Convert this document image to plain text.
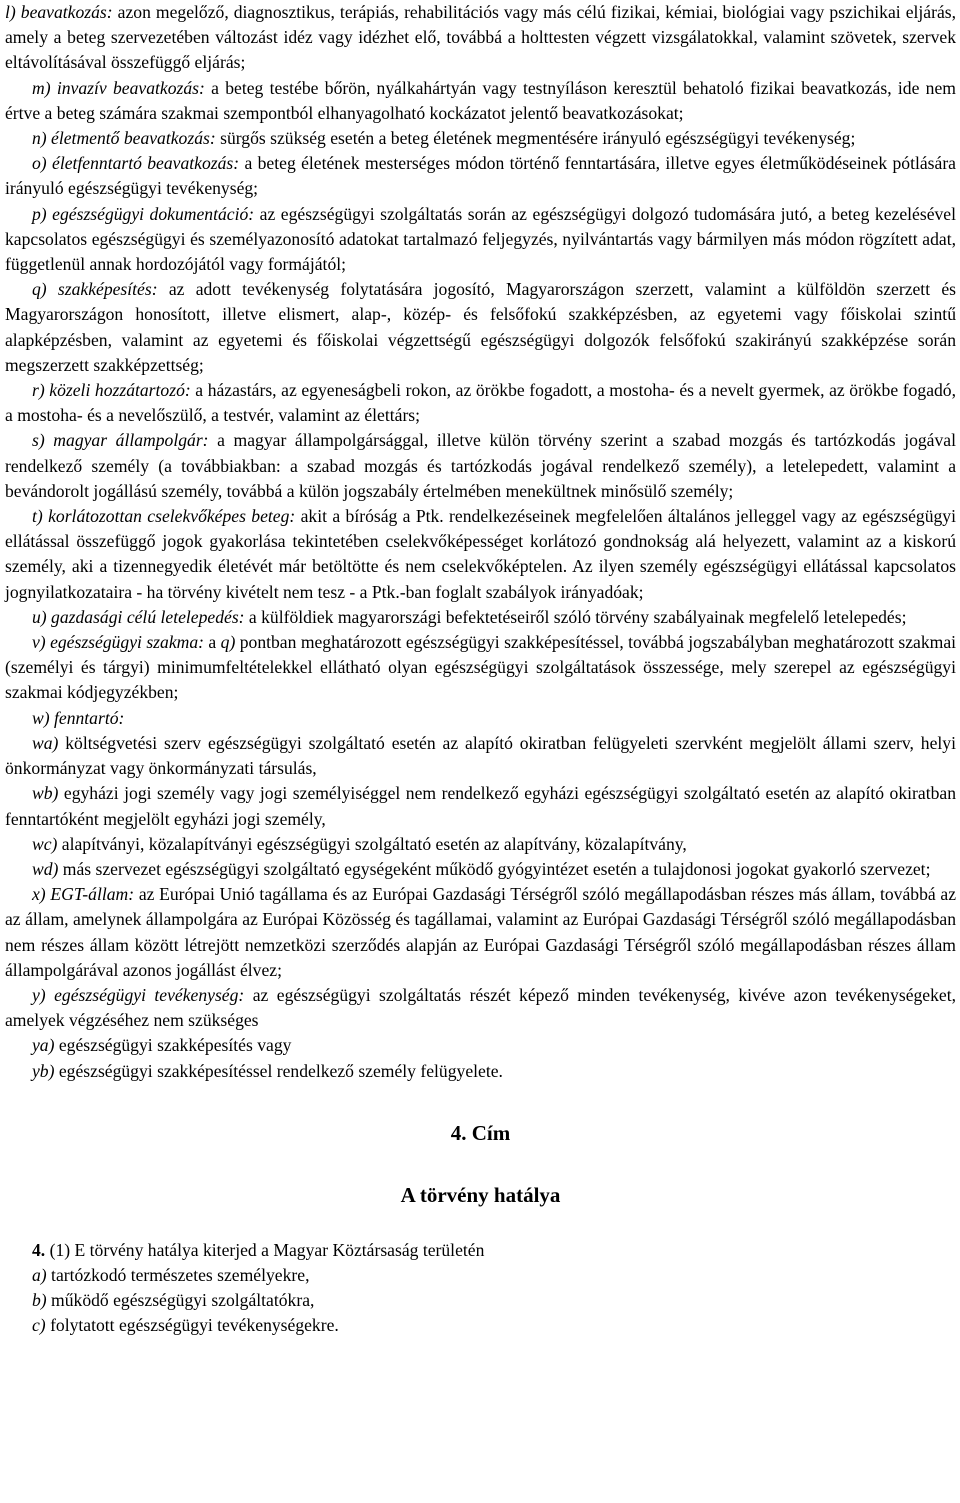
l) beavatkozás: azon megelőző, diagnosztikus, terápiás, rehabilitációs vagy más célú fizikai, kémiai, biológiai vagy pszichikai eljárás, amely a beteg szervezetében változást idéz vagy idézhet elő, továbbá a holttesten végzett vizsgálatokkal, valamint szövetek, szervek eltávolításával összefüggő eljárás;

m) invazív beavatkozás: a beteg testébe bőrön, nyálkahártyán vagy testnyíláson keresztül behatoló fizikai beavatkozás, ide nem értve a beteg számára szakmai szempontból elhanyagolható kockázatot jelentő beavatkozásokat;

n) életmentő beavatkozás: sürgős szükség esetén a beteg életének megmentésére irányuló egészségügyi tevékenység;

o) életfenntartó beavatkozás: a beteg életének mesterséges módon történő fenntartására, illetve egyes életműködéseinek pótlására irányuló egészségügyi tevékenység;

p) egészségügyi dokumentáció: az egészségügyi szolgáltatás során az egészségügyi dolgozó tudomására jutó, a beteg kezelésével kapcsolatos egészségügyi és személyazonosító adatokat tartalmazó feljegyzés, nyilvántartás vagy bármilyen más módon rögzített adat, függetlenül annak hordozójától vagy formájától;

q) szakképesítés: az adott tevékenység folytatására jogosító, Magyarországon szerzett, valamint a külföldön szerzett és Magyarországon honosított, illetve elismert, alap-, közép- és felsőfokú szakképzésben, az egyetemi vagy főiskolai szintű alapképzésben, valamint az egyetemi és főiskolai végzettségű egészségügyi dolgozók felsőfokú szakirányú szakképzése során megszerzett szakképzettség;

r) közeli hozzátartozó: a házastárs, az egyeneságbeli rokon, az örökbe fogadott, a mostoha- és a nevelt gyermek, az örökbe fogadó, a mostoha- és a nevelőszülő, a testvér, valamint az élettárs;

s) magyar állampolgár: a magyar állampolgársággal, illetve külön törvény szerint a szabad mozgás és tartózkodás jogával rendelkező személy (a továbbiakban: a szabad mozgás és tartózkodás jogával rendelkező személy), a letelepedett, valamint a bevándorolt jogállású személy, továbbá a külön jogszabály értelmében menekültnek minősülő személy;

t) korlátozottan cselekvőképes beteg: akit a bíróság a Ptk. rendelkezéseinek megfelelően általános jelleggel vagy az egészségügyi ellátással összefüggő jogok gyakorlása tekintetében cselekvőképességet korlátozó gondnokság alá helyezett, valamint az a kiskorú személy, aki a tizennegyedik életévét már betöltötte és nem cselekvőképtelen. Az ilyen személy egészségügyi ellátással kapcsolatos jognyilatkozataira - ha törvény kivételt nem tesz - a Ptk.-ban foglalt szabályok irányadóak;

u) gazdasági célú letelepedés: a külföldiek magyarországi befektetéseiről szóló törvény szabályainak megfelelő letelepedés;

v) egészségügyi szakma: a q) pontban meghatározott egészségügyi szakképesítéssel, továbbá jogszabályban meghatározott szakmai (személyi és tárgyi) minimumfeltételekkel ellátható olyan egészségügyi szolgáltatások összessége, mely szerepel az egészségügyi szakmai kódjegyzékben;

w) fenntartó:

wa) költségvetési szerv egészségügyi szolgáltató esetén az alapító okiratban felügyeleti szervként megjelölt állami szerv, helyi önkormányzat vagy önkormányzati társulás,

wb) egyházi jogi személy vagy jogi személyiséggel nem rendelkező egyházi egészségügyi szolgáltató esetén az alapító okiratban fenntartóként megjelölt egyházi jogi személy,

wc) alapítványi, közalapítványi egészségügyi szolgáltató esetén az alapítvány, közalapítvány,

wd) más szervezet egészségügyi szolgáltató egységeként működő gyógyintézet esetén a tulajdonosi jogokat gyakorló szervezet;

x) EGT-állam: az Európai Unió tagállama és az Európai Gazdasági Térségről szóló megállapodásban részes más állam, továbbá az az állam, amelynek állampolgára az Európai Közösség és tagállamai, valamint az Európai Gazdasági Térségről szóló megállapodásban nem részes állam között létrejött nemzetközi szerződés alapján az Európai Gazdasági Térségről szóló megállapodásban részes állam állampolgárával azonos jogállást élvez;

y) egészségügyi tevékenység: az egészségügyi szolgáltatás részét képező minden tevékenység, kivéve azon tevékenységeket, amelyek végzéséhez nem szükséges

ya) egészségügyi szakképesítés vagy

yb) egészségügyi szakképesítéssel rendelkező személy felügyelete.

4. Cím
A törvény hatálya

4. (1) E törvény hatálya kiterjed a Magyar Köztársaság területén

a) tartózkodó természetes személyekre,

b) működő egészségügyi szolgáltatókra,

c) folytatott egészségügyi tevékenységekre.
